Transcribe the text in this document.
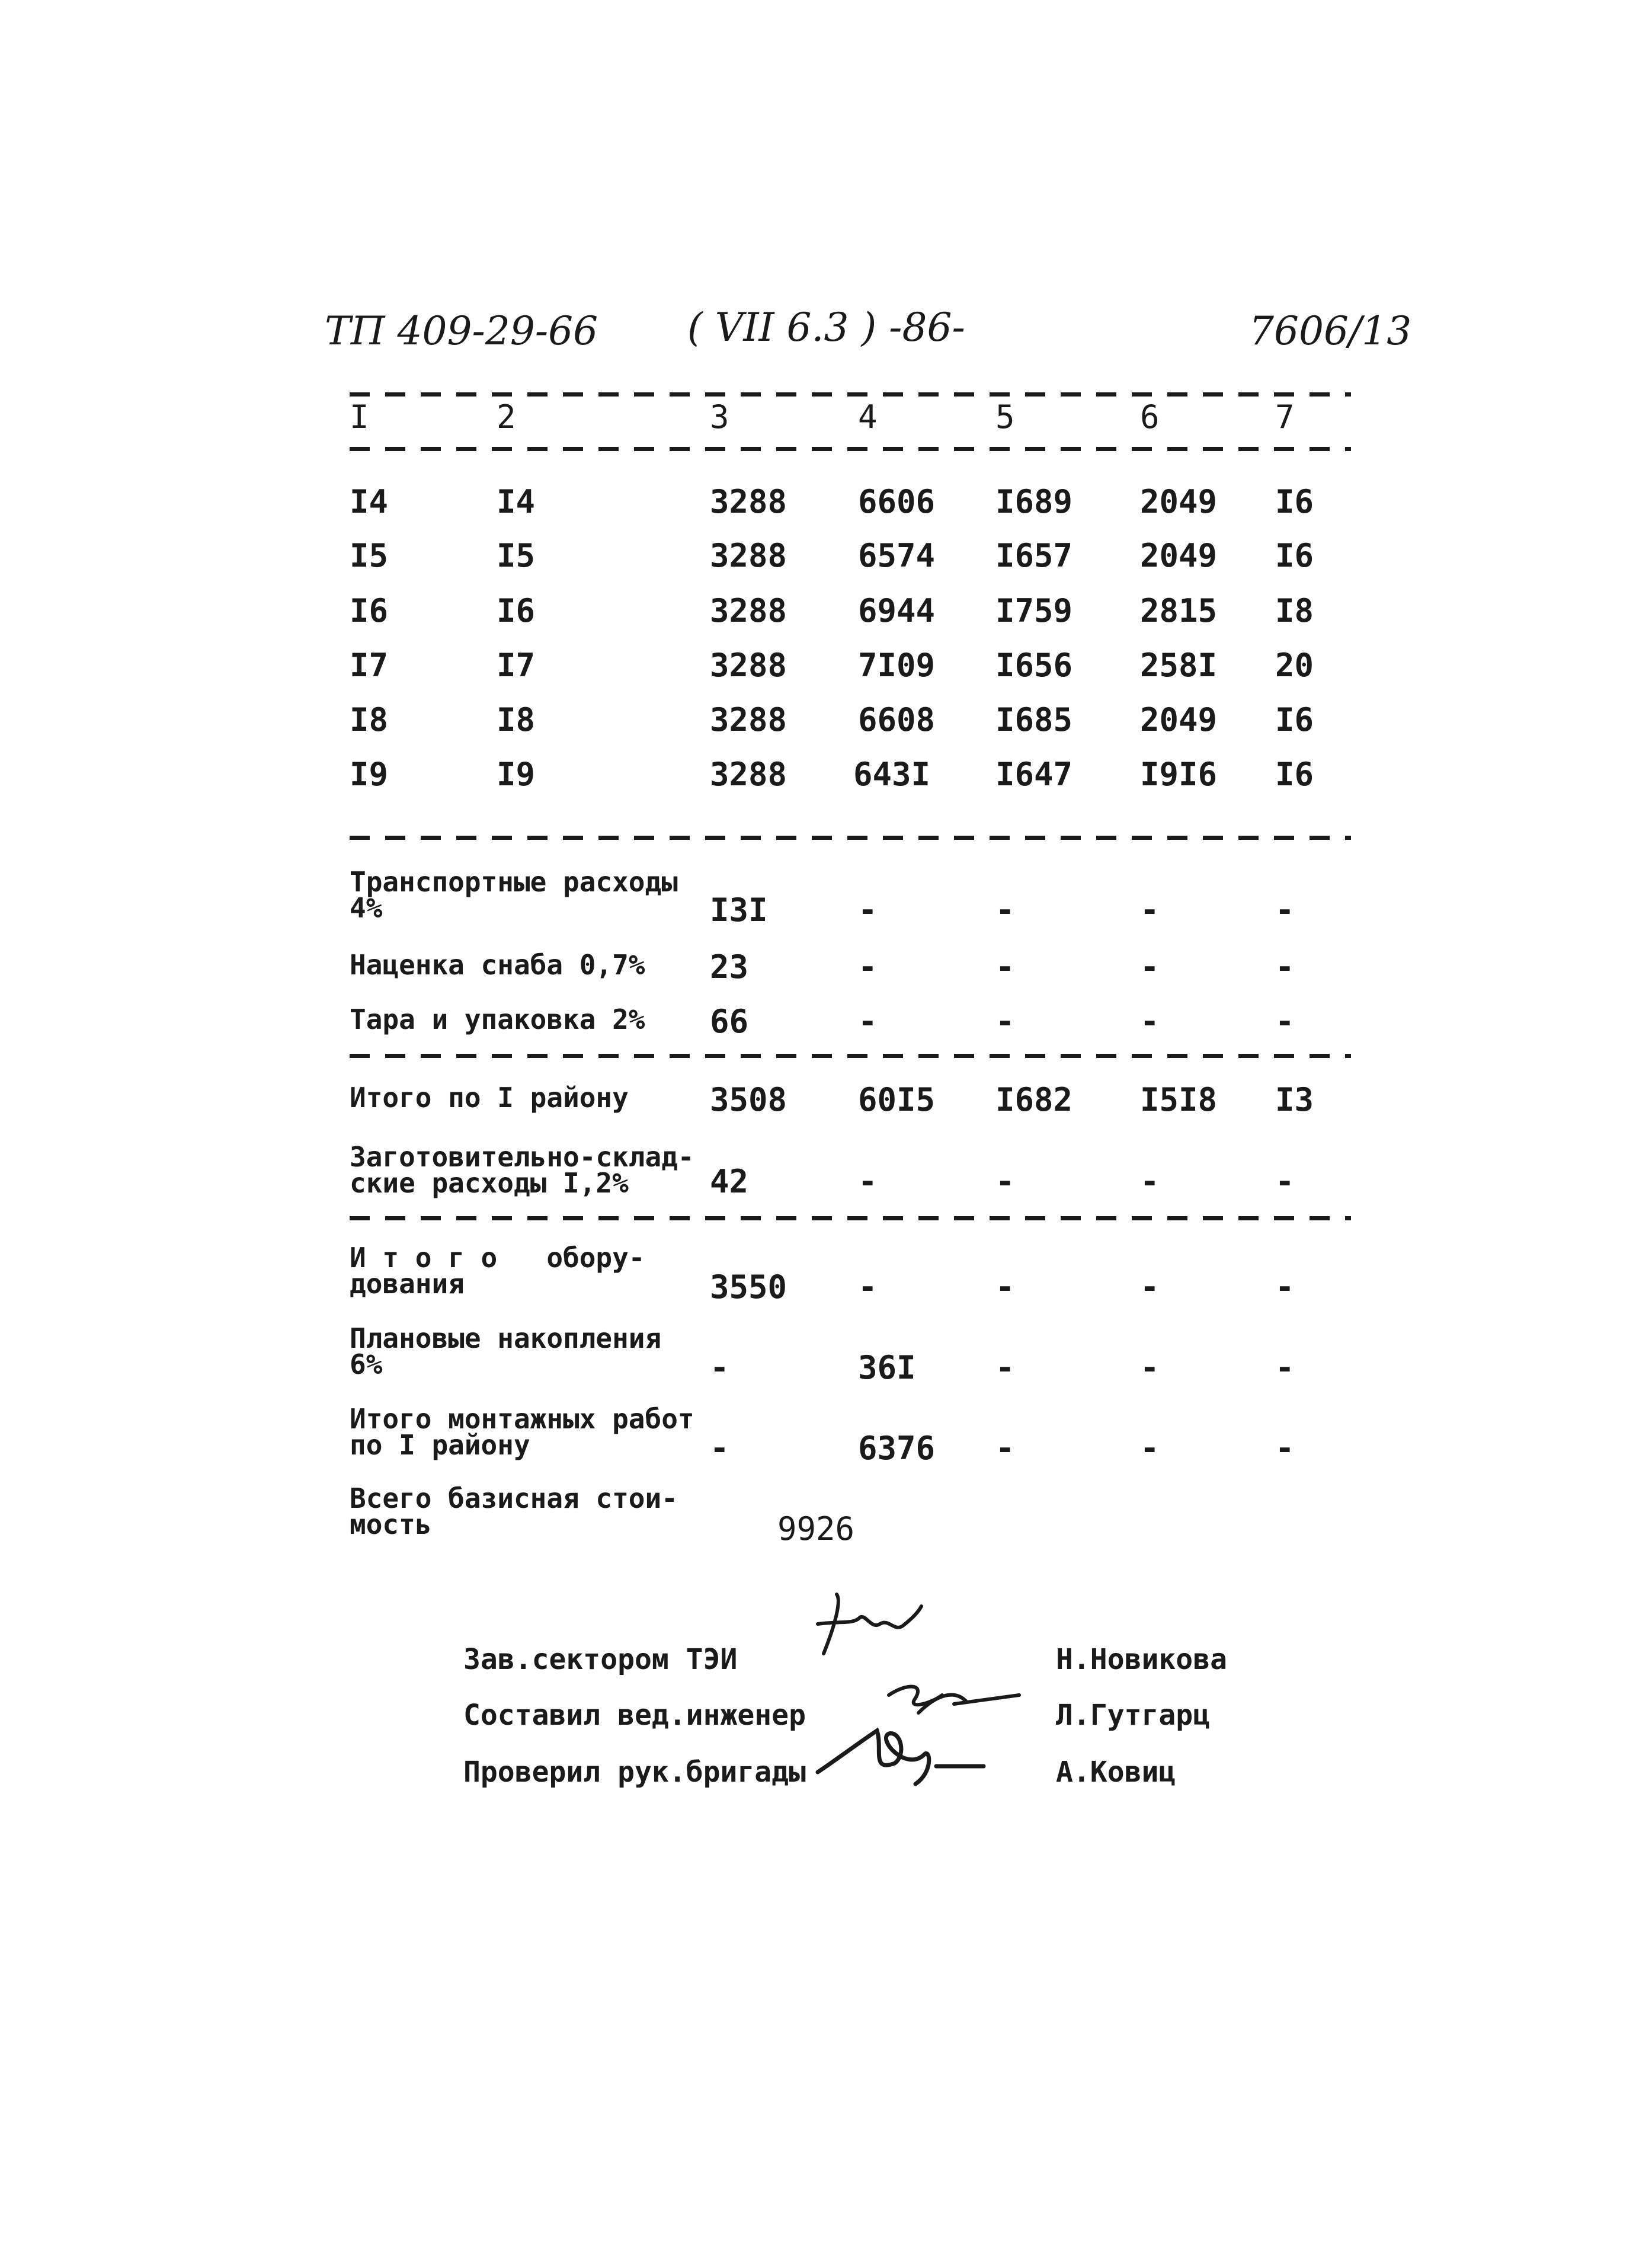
ТП 409-29-66 ( VII 6.3 ) -86-	7606/13
I	2	3	4	5	6	7
I4	I4	3288 6606 I689 2049 I6
I5	I5	3288 6574 I657 2049 I6
I6	I6	3288 6944 I759 2815 I8
I7	I7	3288 7I09 I656 258I 20
I8	I8	3288 6608 I685 2049 I6
I9	I9	3288 643I I647 I9I6 I6
Транспортные расходы
4%	I3I	-	-	-	-
Наценка снаба 0,7% 23	-	-	-	-
Тара и упаковка 2% 66	-	-	-	-
Итого по I району	3508 60I5 I682 I5I8 I3
Заготовительно-склад-
ские расходы I,2%	42	-	-	-	-
И т о г о   обору-
дования	3550 -	-	-	-
Плановые накопления
6%	-	36I -	-	-
Итого монтажных работ
по I району	-	6376 -	-	-
Всего базисная стои-
мость	9926
Зав.сектором ТЭИ	Н.Новикова
Составил вед.инженер	Л.Гутгарц
Проверил рук.бригады	А.Ковиц
